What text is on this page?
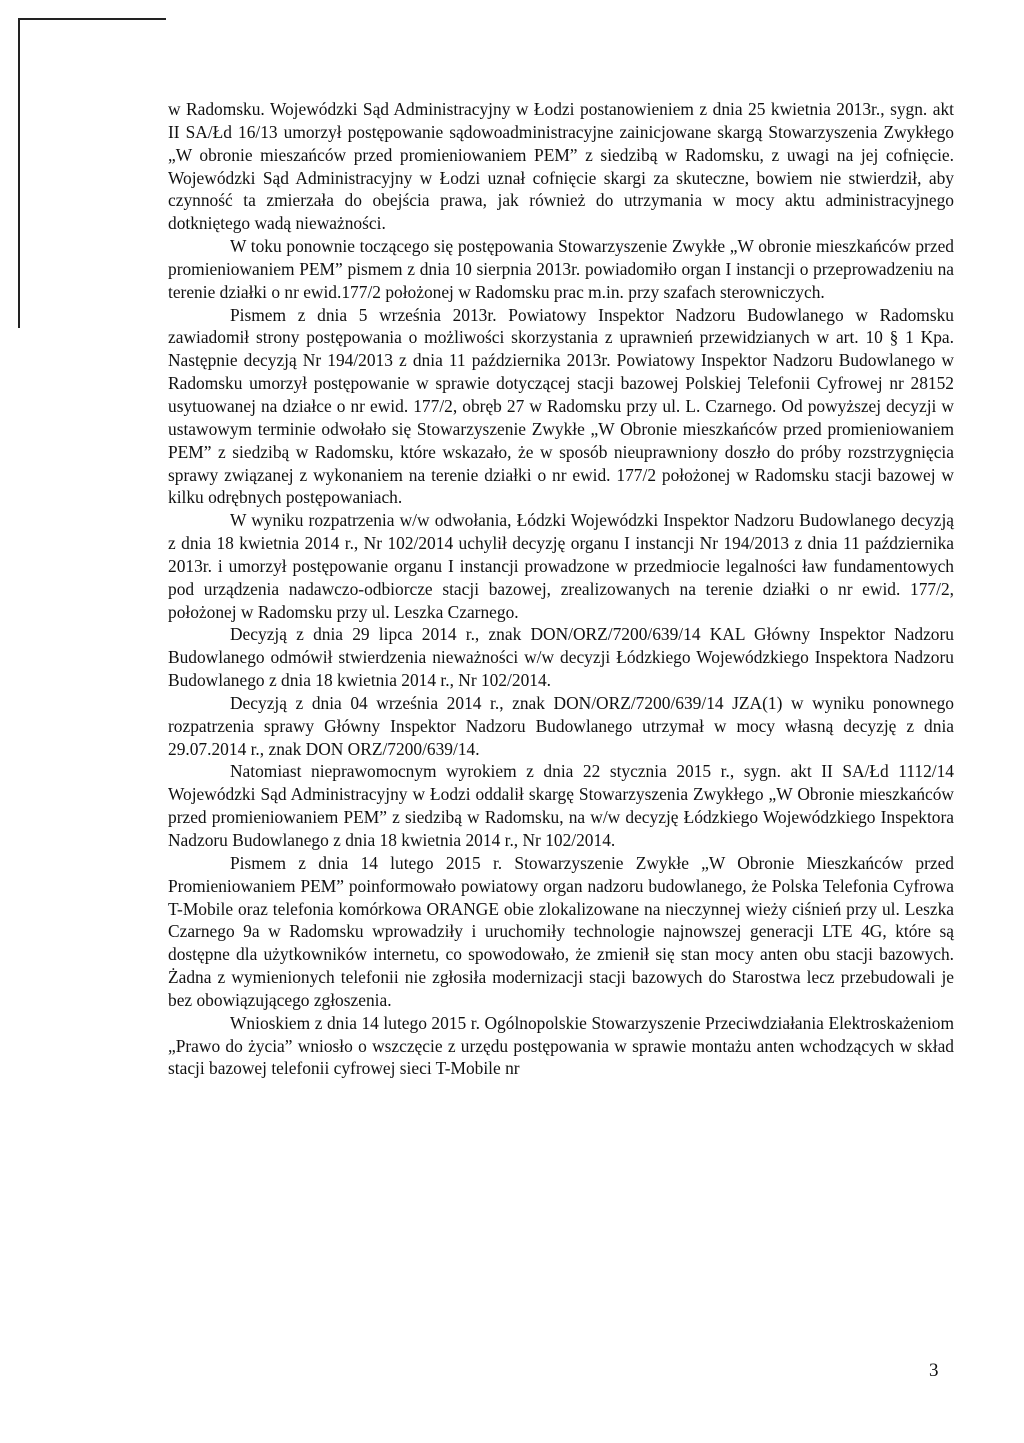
w Radomsku. Wojewódzki Sąd Administracyjny w Łodzi postanowieniem z dnia 25 kwietnia 2013r., sygn. akt II SA/Łd 16/13 umorzył postępowanie sądowoadministracyjne zainicjowane skargą Stowarzyszenia Zwykłego „W obronie mieszańców przed promieniowaniem PEM” z siedzibą w Radomsku, z uwagi na jej cofnięcie. Wojewódzki Sąd Administracyjny w Łodzi uznał cofnięcie skargi za skuteczne, bowiem nie stwierdził, aby czynność ta zmierzała do obejścia prawa, jak również do utrzymania w mocy aktu administracyjnego dotkniętego wadą nieważności.

W toku ponownie toczącego się postępowania Stowarzyszenie Zwykłe „W obronie mieszkańców przed promieniowaniem PEM” pismem z dnia 10 sierpnia 2013r. powiadomiło organ I instancji o przeprowadzeniu na terenie działki o nr ewid.177/2 położonej w Radomsku prac m.in. przy szafach sterowniczych.

Pismem z dnia 5 września 2013r. Powiatowy Inspektor Nadzoru Budowlanego w Radomsku zawiadomił strony postępowania o możliwości skorzystania z uprawnień przewidzianych w art. 10 § 1 Kpa. Następnie decyzją Nr 194/2013 z dnia 11 października 2013r. Powiatowy Inspektor Nadzoru Budowlanego w Radomsku umorzył postępowanie w sprawie dotyczącej stacji bazowej Polskiej Telefonii Cyfrowej nr 28152 usytuowanej na działce o nr ewid. 177/2, obręb 27 w Radomsku przy ul. L. Czarnego. Od powyższej decyzji w ustawowym terminie odwołało się Stowarzyszenie Zwykłe „W Obronie mieszkańców przed promieniowaniem PEM” z siedzibą w Radomsku, które wskazało, że w sposób nieuprawniony doszło do próby rozstrzygnięcia sprawy związanej z wykonaniem na terenie działki o nr ewid. 177/2 położonej w Radomsku stacji bazowej w kilku odrębnych postępowaniach.

W wyniku rozpatrzenia w/w odwołania, Łódzki Wojewódzki Inspektor Nadzoru Budowlanego decyzją z dnia 18 kwietnia 2014 r., Nr 102/2014 uchylił decyzję organu I instancji Nr 194/2013 z dnia 11 października 2013r. i umorzył postępowanie organu I instancji prowadzone w przedmiocie legalności ław fundamentowych pod urządzenia nadawczo-odbiorcze stacji bazowej, zrealizowanych na terenie działki o nr ewid. 177/2, położonej w Radomsku przy ul. Leszka Czarnego.

Decyzją z dnia 29 lipca 2014 r., znak DON/ORZ/7200/639/14 KAL Główny Inspektor Nadzoru Budowlanego odmówił stwierdzenia nieważności w/w decyzji Łódzkiego Wojewódzkiego Inspektora Nadzoru Budowlanego z dnia 18 kwietnia 2014 r., Nr 102/2014.

Decyzją z dnia 04 września 2014 r., znak DON/ORZ/7200/639/14 JZA(1) w wyniku ponownego rozpatrzenia sprawy Główny Inspektor Nadzoru Budowlanego utrzymał w mocy własną decyzję z dnia 29.07.2014 r., znak DON ORZ/7200/639/14.

Natomiast nieprawomocnym wyrokiem z dnia 22 stycznia 2015 r., sygn. akt II SA/Łd 1112/14 Wojewódzki Sąd Administracyjny w Łodzi oddalił skargę Stowarzyszenia Zwykłego „W Obronie mieszkańców przed promieniowaniem PEM” z siedzibą w Radomsku, na w/w decyzję Łódzkiego Wojewódzkiego Inspektora Nadzoru Budowlanego z dnia 18 kwietnia 2014 r., Nr 102/2014.

Pismem z dnia 14 lutego 2015 r. Stowarzyszenie Zwykłe „W Obronie Mieszkańców przed Promieniowaniem PEM” poinformowało powiatowy organ nadzoru budowlanego, że Polska Telefonia Cyfrowa T-Mobile oraz telefonia komórkowa ORANGE obie zlokalizowane na nieczynnej wieży ciśnień przy ul. Leszka Czarnego 9a w Radomsku wprowadziły i uruchomiły technologie najnowszej generacji LTE 4G, które są dostępne dla użytkowników internetu, co spowodowało, że zmienił się stan mocy anten obu stacji bazowych. Żadna z wymienionych telefonii nie zgłosiła modernizacji stacji bazowych do Starostwa lecz przebudowali je bez obowiązującego zgłoszenia.

Wnioskiem z dnia 14 lutego 2015 r. Ogólnopolskie Stowarzyszenie Przeciwdziałania Elektroskażeniom „Prawo do życia” wniosło o wszczęcie z urzędu postępowania w sprawie montażu anten wchodzących w skład stacji bazowej telefonii cyfrowej sieci T-Mobile nr

3
